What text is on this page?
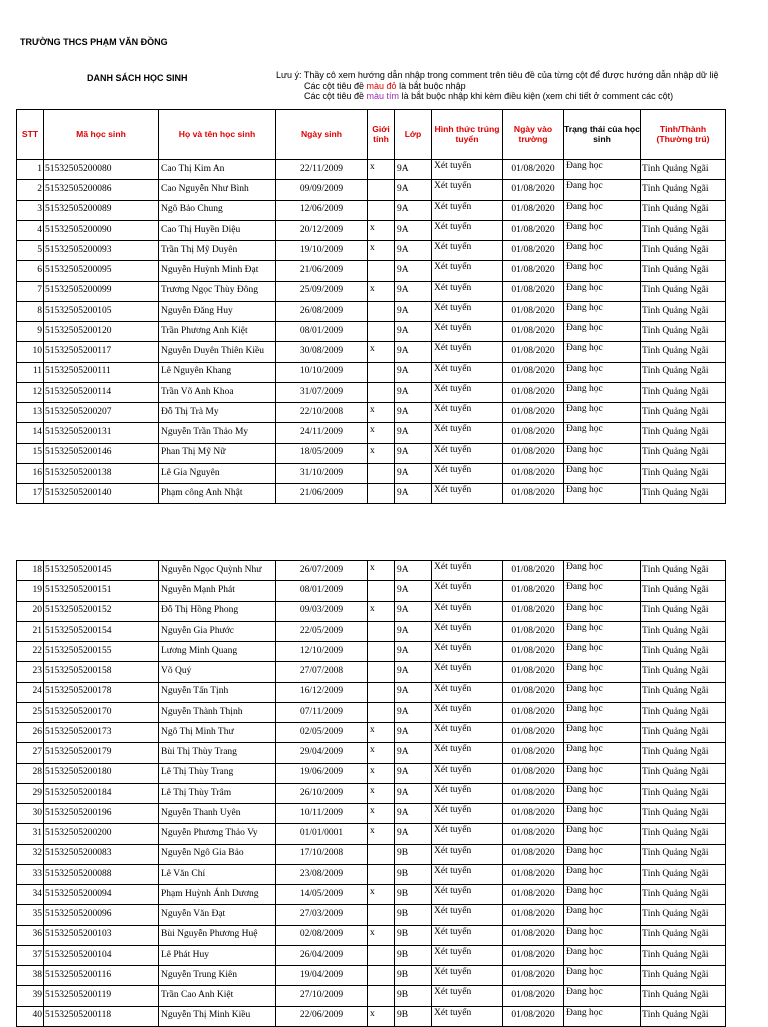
TRƯỜNG THCS PHẠM VĂN ĐỒNG
DANH SÁCH HỌC SINH	Lưu ý: Thầy cô xem hướng dẫn nhập trong comment trên tiêu đề của từng cột để được hướng dẫn nhập dữ liệ
Các cột tiêu đề màu đỏ là bắt buộc nhập
Các cột tiêu đề màu tím là bắt buộc nhập khi kèm điều kiện (xem chi tiết ở comment các cột)
STT	Mã học sinh	Họ và tên học sinh	Ngày sinh	Giới tính	Lớp	Hình thức trúng tuyển	Ngày vào trường	Trạng thái của học sinh	Tỉnh/Thành (Thường trú)
1	51532505200080	Cao Thị Kim An	22/11/2009	x	9A	Xét tuyển	01/08/2020	Đang học	Tỉnh Quảng Ngãi
2	51532505200086	Cao Nguyễn Như Bình	09/09/2009		9A	Xét tuyển	01/08/2020	Đang học	Tỉnh Quảng Ngãi
3	51532505200089	Ngô Bảo Chung	12/06/2009		9A	Xét tuyển	01/08/2020	Đang học	Tỉnh Quảng Ngãi
4	51532505200090	Cao Thị Huyền Diệu	20/12/2009	x	9A	Xét tuyển	01/08/2020	Đang học	Tỉnh Quảng Ngãi
5	51532505200093	Trần Thị Mỹ Duyên	19/10/2009	x	9A	Xét tuyển	01/08/2020	Đang học	Tỉnh Quảng Ngãi
6	51532505200095	Nguyễn Huỳnh Minh Đạt	21/06/2009		9A	Xét tuyển	01/08/2020	Đang học	Tỉnh Quảng Ngãi
7	51532505200099	Trương Ngọc Thùy Đông	25/09/2009	x	9A	Xét tuyển	01/08/2020	Đang học	Tỉnh Quảng Ngãi
8	51532505200105	Nguyễn Đăng Huy	26/08/2009		9A	Xét tuyển	01/08/2020	Đang học	Tỉnh Quảng Ngãi
9	51532505200120	Trần Phương Anh Kiệt	08/01/2009		9A	Xét tuyển	01/08/2020	Đang học	Tỉnh Quảng Ngãi
10	51532505200117	Nguyễn Duyên Thiên Kiều	30/08/2009	x	9A	Xét tuyển	01/08/2020	Đang học	Tỉnh Quảng Ngãi
11	51532505200111	Lê Nguyên Khang	10/10/2009		9A	Xét tuyển	01/08/2020	Đang học	Tỉnh Quảng Ngãi
12	51532505200114	Trần Võ Anh Khoa	31/07/2009		9A	Xét tuyển	01/08/2020	Đang học	Tỉnh Quảng Ngãi
13	51532505200207	Đỗ Thị Trà My	22/10/2008	x	9A	Xét tuyển	01/08/2020	Đang học	Tỉnh Quảng Ngãi
14	51532505200131	Nguyễn Trần Thảo My	24/11/2009	x	9A	Xét tuyển	01/08/2020	Đang học	Tỉnh Quảng Ngãi
15	51532505200146	Phan Thị Mỹ Nữ	18/05/2009	x	9A	Xét tuyển	01/08/2020	Đang học	Tỉnh Quảng Ngãi
16	51532505200138	Lê Gia Nguyên	31/10/2009		9A	Xét tuyển	01/08/2020	Đang học	Tỉnh Quảng Ngãi
17	51532505200140	Phạm công Anh Nhật	21/06/2009		9A	Xét tuyển	01/08/2020	Đang học	Tỉnh Quảng Ngãi
18	51532505200145	Nguyễn Ngọc Quỳnh Như	26/07/2009	x	9A	Xét tuyển	01/08/2020	Đang học	Tỉnh Quảng Ngãi
19	51532505200151	Nguyễn Mạnh Phát	08/01/2009		9A	Xét tuyển	01/08/2020	Đang học	Tỉnh Quảng Ngãi
20	51532505200152	Đỗ Thị Hồng Phong	09/03/2009	x	9A	Xét tuyển	01/08/2020	Đang học	Tỉnh Quảng Ngãi
21	51532505200154	Nguyễn Gia Phước	22/05/2009		9A	Xét tuyển	01/08/2020	Đang học	Tỉnh Quảng Ngãi
22	51532505200155	Lương Minh Quang	12/10/2009		9A	Xét tuyển	01/08/2020	Đang học	Tỉnh Quảng Ngãi
23	51532505200158	Võ Quý	27/07/2008		9A	Xét tuyển	01/08/2020	Đang học	Tỉnh Quảng Ngãi
24	51532505200178	Nguyễn Tấn Tịnh	16/12/2009		9A	Xét tuyển	01/08/2020	Đang học	Tỉnh Quảng Ngãi
25	51532505200170	Nguyễn Thành Thịnh	07/11/2009		9A	Xét tuyển	01/08/2020	Đang học	Tỉnh Quảng Ngãi
26	51532505200173	Ngô Thị Minh Thư	02/05/2009	x	9A	Xét tuyển	01/08/2020	Đang học	Tỉnh Quảng Ngãi
27	51532505200179	Bùi Thị Thùy Trang	29/04/2009	x	9A	Xét tuyển	01/08/2020	Đang học	Tỉnh Quảng Ngãi
28	51532505200180	Lê Thị Thùy Trang	19/06/2009	x	9A	Xét tuyển	01/08/2020	Đang học	Tỉnh Quảng Ngãi
29	51532505200184	Lê Thị Thùy Trâm	26/10/2009	x	9A	Xét tuyển	01/08/2020	Đang học	Tỉnh Quảng Ngãi
30	51532505200196	Nguyễn Thanh Uyên	10/11/2009	x	9A	Xét tuyển	01/08/2020	Đang học	Tỉnh Quảng Ngãi
31	51532505200200	Nguyễn Phương Thảo Vy	01/01/0001	x	9A	Xét tuyển	01/08/2020	Đang học	Tỉnh Quảng Ngãi
32	51532505200083	Nguyễn Ngô Gia Bảo	17/10/2008		9B	Xét tuyển	01/08/2020	Đang học	Tỉnh Quảng Ngãi
33	51532505200088	Lê Văn Chí	23/08/2009		9B	Xét tuyển	01/08/2020	Đang học	Tỉnh Quảng Ngãi
34	51532505200094	Phạm Huỳnh Ánh Dương	14/05/2009	x	9B	Xét tuyển	01/08/2020	Đang học	Tỉnh Quảng Ngãi
35	51532505200096	Nguyễn Văn Đạt	27/03/2009		9B	Xét tuyển	01/08/2020	Đang học	Tỉnh Quảng Ngãi
36	51532505200103	Bùi Nguyễn Phương Huệ	02/08/2009	x	9B	Xét tuyển	01/08/2020	Đang học	Tỉnh Quảng Ngãi
37	51532505200104	Lê Phát Huy	26/04/2009		9B	Xét tuyển	01/08/2020	Đang học	Tỉnh Quảng Ngãi
38	51532505200116	Nguyễn Trung Kiên	19/04/2009		9B	Xét tuyển	01/08/2020	Đang học	Tỉnh Quảng Ngãi
39	51532505200119	Trần Cao Anh Kiệt	27/10/2009		9B	Xét tuyển	01/08/2020	Đang học	Tỉnh Quảng Ngãi
40	51532505200118	Nguyễn Thị Minh Kiều	22/06/2009	x	9B	Xét tuyển	01/08/2020	Đang học	Tỉnh Quảng Ngãi
